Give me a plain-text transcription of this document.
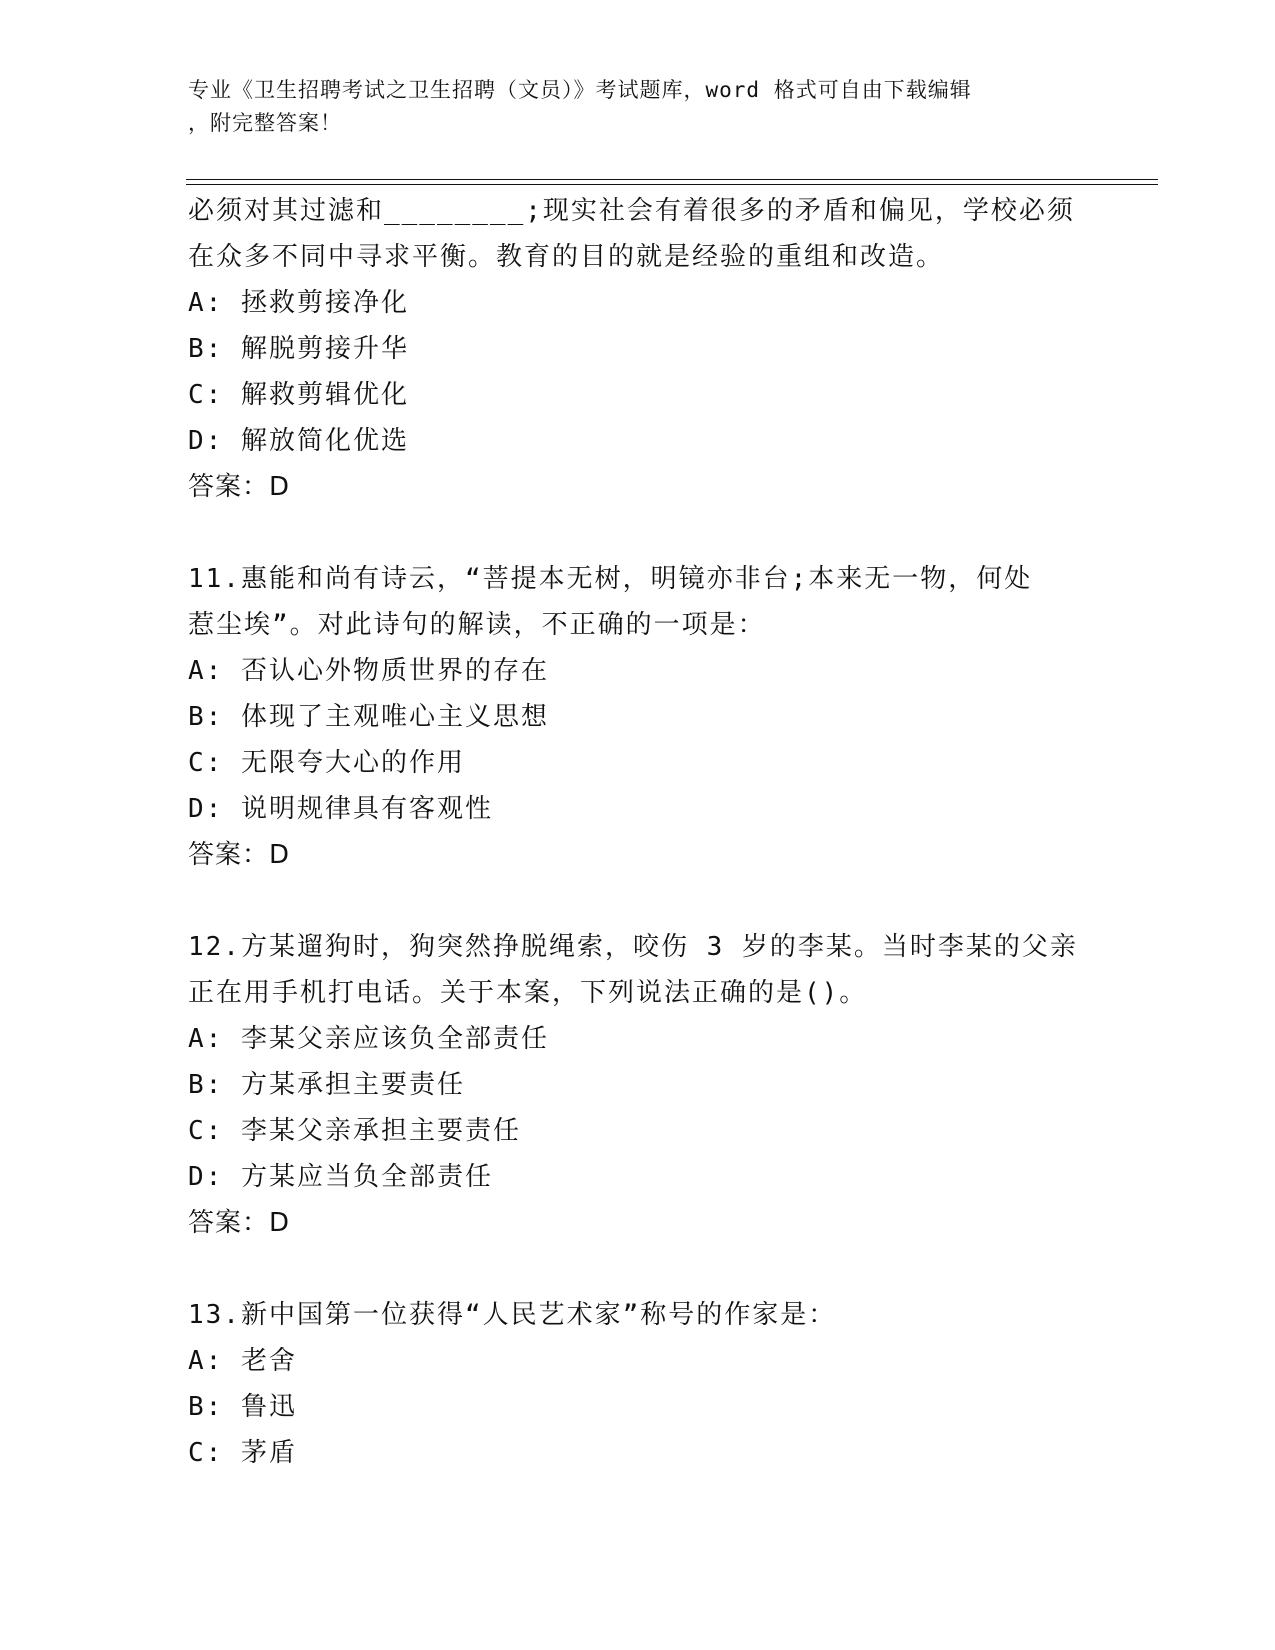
专业《卫生招聘考试之卫生招聘（文员）》考试题库，word 格式可自由下载编辑
，附完整答案！
必须对其过滤和________;现实社会有着很多的矛盾和偏见，学校必须
在众多不同中寻求平衡。教育的目的就是经验的重组和改造。
A: 拯救剪接净化
B: 解脱剪接升华
C: 解救剪辑优化
D: 解放简化优选
答案：D
11.惠能和尚有诗云，“菩提本无树，明镜亦非台;本来无一物，何处
惹尘埃”。对此诗句的解读，不正确的一项是：
A: 否认心外物质世界的存在
B: 体现了主观唯心主义思想
C: 无限夸大心的作用
D: 说明规律具有客观性
答案：D
12.方某遛狗时，狗突然挣脱绳索，咬伤 3 岁的李某。当时李某的父亲
正在用手机打电话。关于本案，下列说法正确的是()。
A: 李某父亲应该负全部责任
B: 方某承担主要责任
C: 李某父亲承担主要责任
D: 方某应当负全部责任
答案：D
13.新中国第一位获得“人民艺术家”称号的作家是：
A: 老舍
B: 鲁迅
C: 茅盾
